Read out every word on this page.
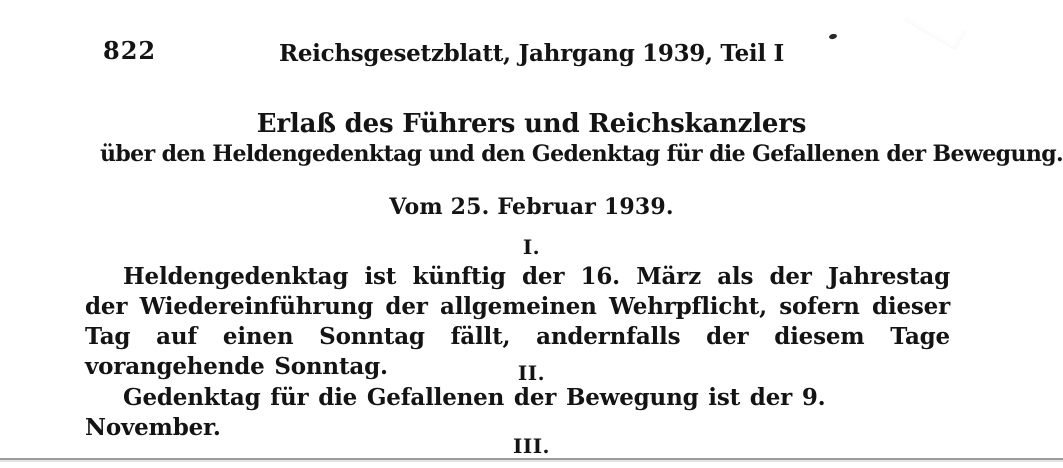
822	Reichsgesetzblatt, Jahrgang 1939, Teil I
Erlaß des Führers und Reichskanzlers
über den Heldengedenktag und den Gedenktag für die Gefallenen der Bewegung.
Vom 25. Februar 1939.
I.

Heldengedenktag ist künftig der 16. März als der Jahrestag der Wiedereinführung der allgemeinen Wehrpflicht, sofern dieser Tag auf einen Sonntag fällt, andernfalls der diesem Tage vorangehende Sonntag.	II.

Gedenktag für die Gefallenen der Bewegung ist der 9. November.

III.
